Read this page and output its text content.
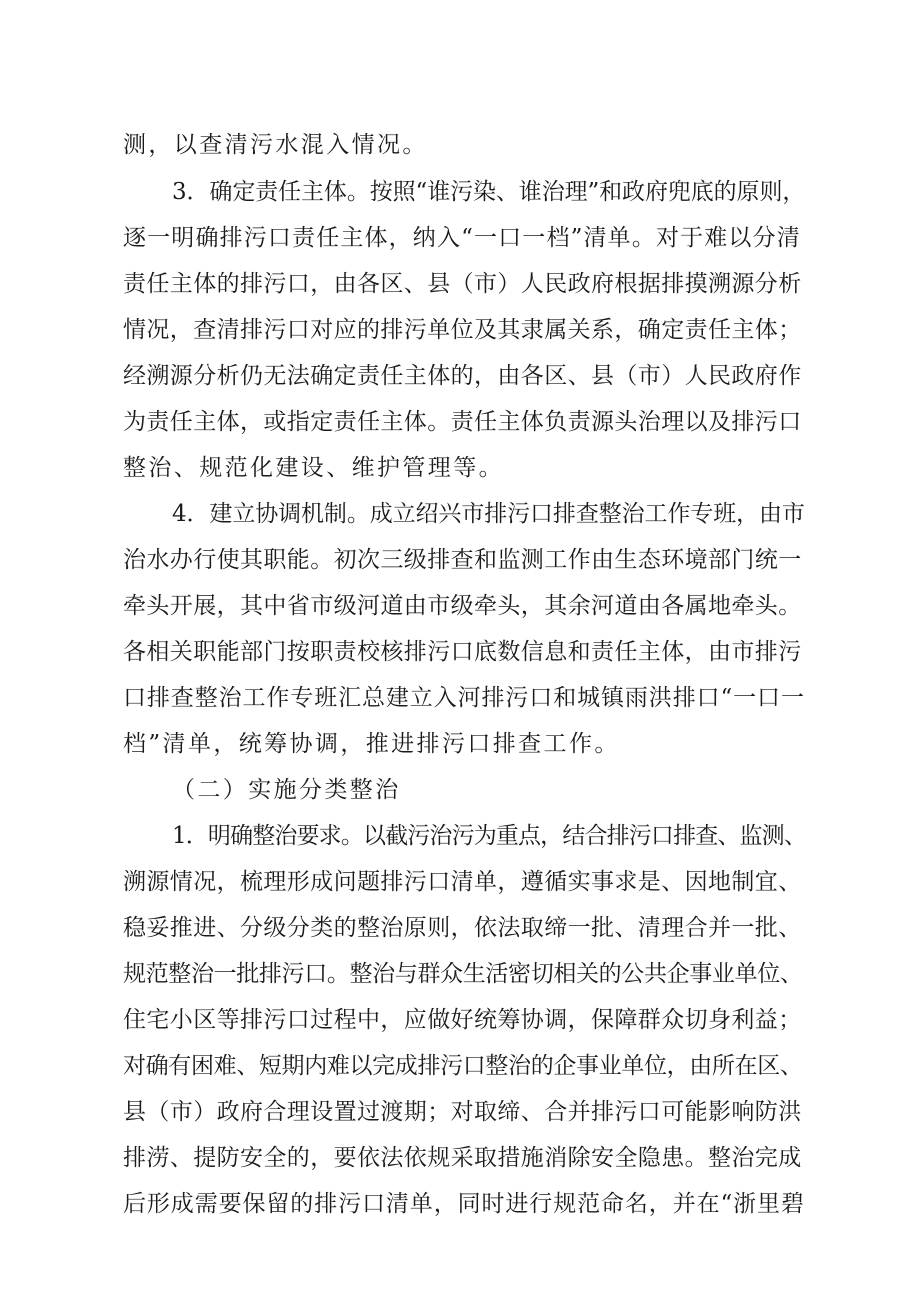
测，以查清污水混入情况。
3．确定责任主体。按照“谁污染、谁治理”和政府兜底的原则，
逐一明确排污口责任主体，纳入“一口一档”清单。对于难以分清
责任主体的排污口，由各区、县（市）人民政府根据排摸溯源分析
情况，查清排污口对应的排污单位及其隶属关系，确定责任主体；
经溯源分析仍无法确定责任主体的，由各区、县（市）人民政府作
为责任主体，或指定责任主体。责任主体负责源头治理以及排污口
整治、规范化建设、维护管理等。
4．建立协调机制。成立绍兴市排污口排查整治工作专班，由市
治水办行使其职能。初次三级排查和监测工作由生态环境部门统一
牵头开展，其中省市级河道由市级牵头，其余河道由各属地牵头。
各相关职能部门按职责校核排污口底数信息和责任主体，由市排污
口排查整治工作专班汇总建立入河排污口和城镇雨洪排口“一口一
档”清单，统筹协调，推进排污口排查工作。
（二）实施分类整治
1．明确整治要求。以截污治污为重点，结合排污口排查、监测、
溯源情况，梳理形成问题排污口清单，遵循实事求是、因地制宜、
稳妥推进、分级分类的整治原则，依法取缔一批、清理合并一批、
规范整治一批排污口。整治与群众生活密切相关的公共企事业单位、
住宅小区等排污口过程中，应做好统筹协调，保障群众切身利益；
对确有困难、短期内难以完成排污口整治的企事业单位，由所在区、
县（市）政府合理设置过渡期；对取缔、合并排污口可能影响防洪
排涝、提防安全的，要依法依规采取措施消除安全隐患。整治完成
后形成需要保留的排污口清单，同时进行规范命名，并在“浙里碧
